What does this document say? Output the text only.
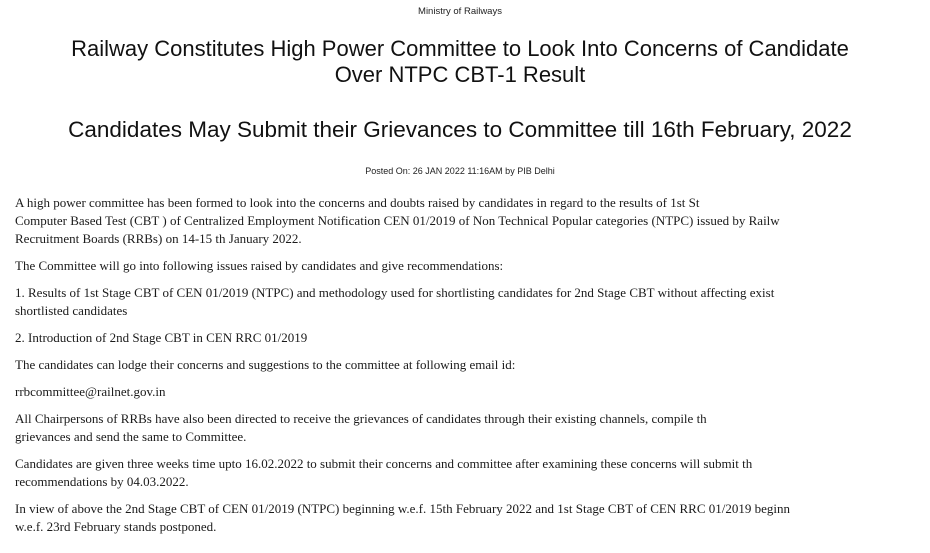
Ministry of Railways
Railway Constitutes High Power Committee to Look Into Concerns of Candidate
Over NTPC CBT-1 Result
Candidates May Submit their Grievances to Committee till 16th February, 2022
Posted On: 26 JAN 2022 11:16AM by PIB Delhi
A high power committee has been formed to look into the concerns and doubts raised by candidates in regard to the results of 1st St
Computer Based Test (CBT ) of Centralized Employment Notification CEN 01/2019 of Non Technical Popular categories (NTPC) issued by Railw
Recruitment Boards (RRBs) on 14-15 th January 2022.
The Committee will go into following issues raised by candidates and give recommendations:
1. Results of 1st Stage CBT of CEN 01/2019 (NTPC) and methodology used for shortlisting candidates for 2nd Stage CBT without affecting exist
shortlisted candidates
2. Introduction of 2nd Stage CBT in CEN RRC 01/2019
The candidates can lodge their concerns and suggestions to the committee at following email id:
rrbcommittee@railnet.gov.in
All Chairpersons of RRBs have also been directed to receive the grievances of candidates through their existing channels, compile th
grievances and send the same to Committee.
Candidates are given three weeks time upto 16.02.2022 to submit their concerns and committee after examining these concerns will submit th
recommendations by 04.03.2022.
In view of above the 2nd Stage CBT of CEN 01/2019 (NTPC) beginning w.e.f. 15th February 2022 and 1st Stage CBT of CEN RRC 01/2019 beginn
w.e.f. 23rd February stands postponed.
